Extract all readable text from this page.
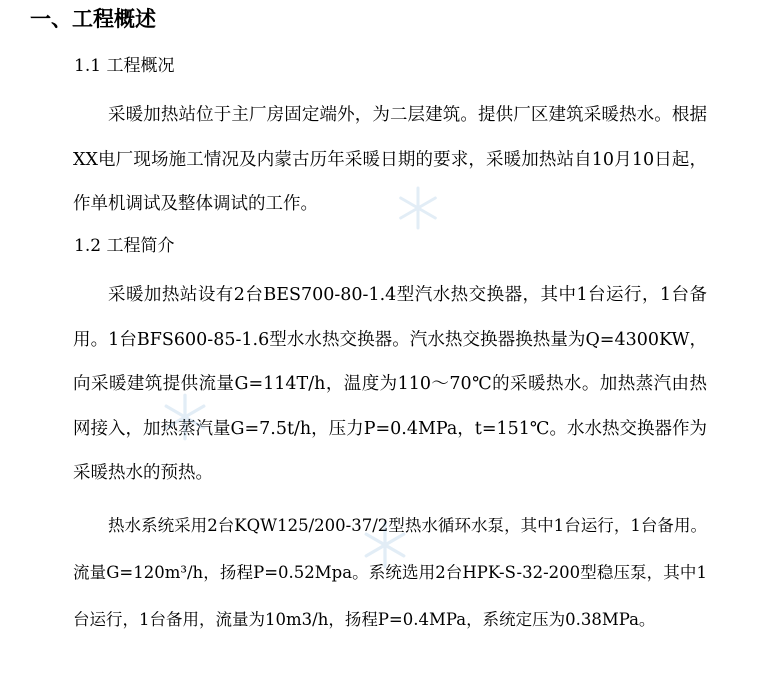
一、工程概述
1.1 工程概况

采暖加热站位于主厂房固定端外，为二层建筑。提供厂区建筑采暖热水。根据XX电厂现场施工情况及内蒙古历年采暖日期的要求，采暖加热站自10月10日起，作单机调试及整体调试的工作。

1.2 工程简介

采暖加热站设有2台BES700-80-1.4型汽水热交换器，其中1台运行，1台备用。1台BFS600-85-1.6型水水热交换器。汽水热交换器换热量为Q=4300KW，向采暖建筑提供流量G=114T/h，温度为110～70℃的采暖热水。加热蒸汽由热网接入，加热蒸汽量G=7.5t/h，压力P=0.4MPa，t=151℃。水水热交换器作为采暖热水的预热。

热水系统采用2台KQW125/200-37/2型热水循环水泵，其中1台运行，1台备用。流量G=120m³/h，扬程P=0.52Mpa。系统选用2台HPK-S-32-200型稳压泵，其中1台运行，1台备用，流量为10m3/h，扬程P=0.4MPa，系统定压为0.38MPa。
